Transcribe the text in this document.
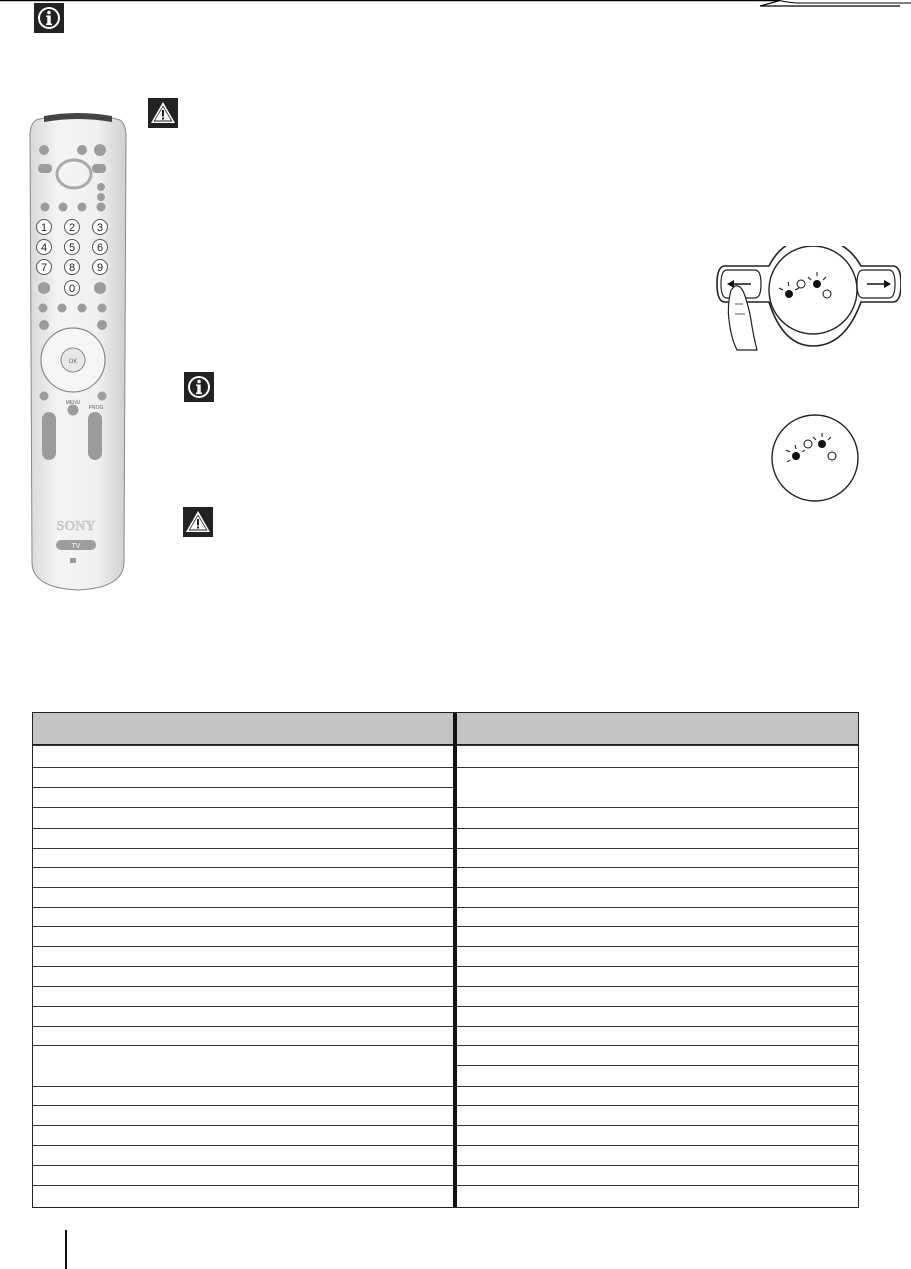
1 2 3
4 5 6
7 8 9
0
OK
MENU
PROG
SONY
TV
